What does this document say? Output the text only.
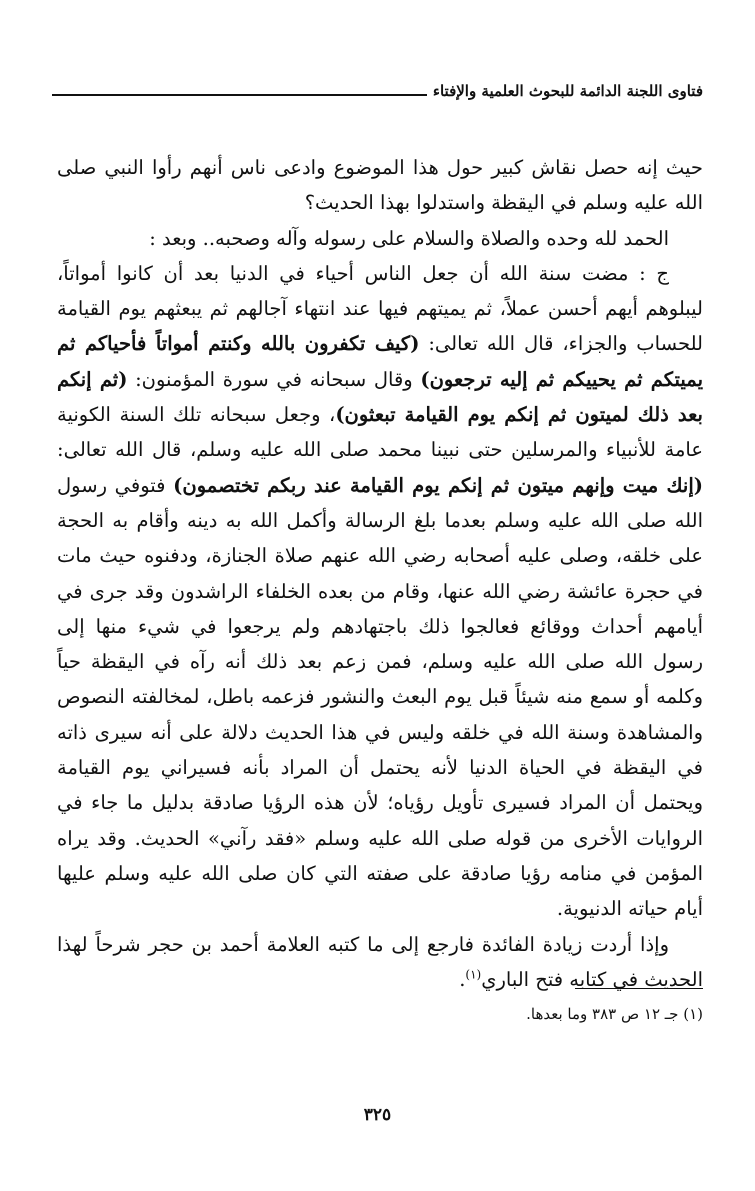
فتاوى اللجنة الدائمة للبحوث العلمية والإفتاء

حيث إنه حصل نقاش كبير حول هذا الموضوع وادعى ناس أنهم رأوا النبي صلى الله عليه وسلم في اليقظة واستدلوا بهذا الحديث؟

الحمد لله وحده والصلاة والسلام على رسوله وآله وصحبه.. وبعد :

ج : مضت سنة الله أن جعل الناس أحياء في الدنيا بعد أن كانوا أمواتاً، ليبلوهم أيهم أحسن عملاً، ثم يميتهم فيها عند انتهاء آجالهم ثم يبعثهم يوم القيامة للحساب والجزاء، قال الله تعالى: (كيف تكفرون بالله وكنتم أمواتاً فأحياكم ثم يميتكم ثم يحييكم ثم إليه ترجعون) وقال سبحانه في سورة المؤمنون: (ثم إنكم بعد ذلك لميتون ثم إنكم يوم القيامة تبعثون)، وجعل سبحانه تلك السنة الكونية عامة للأنبياء والمرسلين حتى نبينا محمد صلى الله عليه وسلم، قال الله تعالى: (إنك ميت وإنهم ميتون ثم إنكم يوم القيامة عند ربكم تختصمون) فتوفي رسول الله صلى الله عليه وسلم بعدما بلغ الرسالة وأكمل الله به دينه وأقام به الحجة على خلقه، وصلى عليه أصحابه رضي الله عنهم صلاة الجنازة، ودفنوه حيث مات في حجرة عائشة رضي الله عنها، وقام من بعده الخلفاء الراشدون وقد جرى في أيامهم أحداث ووقائع فعالجوا ذلك باجتهادهم ولم يرجعوا في شيء منها إلى رسول الله صلى الله عليه وسلم، فمن زعم بعد ذلك أنه رآه في اليقظة حياً وكلمه أو سمع منه شيئاً قبل يوم البعث والنشور فزعمه باطل، لمخالفته النصوص والمشاهدة وسنة الله في خلقه وليس في هذا الحديث دلالة على أنه سيرى ذاته في اليقظة في الحياة الدنيا لأنه يحتمل أن المراد بأنه فسيراني يوم القيامة ويحتمل أن المراد فسيرى تأويل رؤياه؛ لأن هذه الرؤيا صادقة بدليل ما جاء في الروايات الأخرى من قوله صلى الله عليه وسلم «فقد رآني» الحديث. وقد يراه المؤمن في منامه رؤيا صادقة على صفته التي كان صلى الله عليه وسلم عليها أيام حياته الدنيوية.

وإذا أردت زيادة الفائدة فارجع إلى ما كتبه العلامة أحمد بن حجر شرحاً لهذا الحديث في كتابه فتح الباري$^{(١)}$.

(١) جـ ١٢ ص ٣٨٣ وما بعدها.
٣٢٥
